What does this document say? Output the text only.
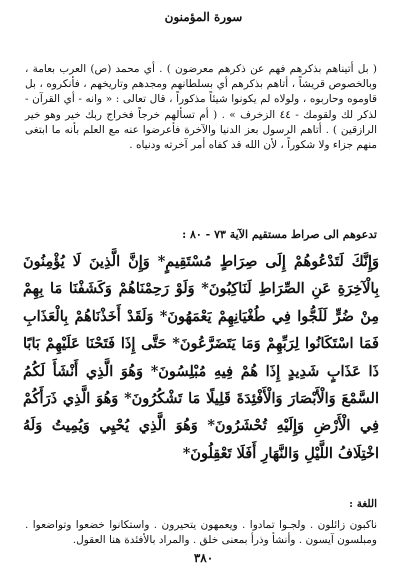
سورة المؤمنون
( بل أتيناهم بذكرهم فهم عن ذكرهم معرضون ) . أي محمد (ص) العرب بعامة ، وبالخصوص قريشاً ، أتاهم بذكرهم أي بسلطانهم ومجدهم وتاريخهم ، فأنكروه ، بل قاوموه وحاربوه ، ولولاه لم يكونوا شيئاً مذكوراً ، قال تعالى : « وانه - أي القرآن - لذكر لك ولقومك - ٤٤ الزخرف » . ( أم تسألهم خرجاً فخراج ربك خير وهو خير الرازقين ) . أتاهم الرسول بعز الدنيا والآخرة فأعرضوا عنه مع العلم بأنه ما ابتغى منهم جزاء ولا شكوراً ، لأن الله قد كفاه أمر آخرته ودنياه .
تدعوهم الى صراط مستقيم الآية ٧٣ - ٨٠ :
وَإِنَّكَ لَتَدْعُوهُمْ إِلَى صِرَاطٍ مُسْتَقِيمٍ* وَإِنَّ الَّذِينَ لَا يُؤْمِنُونَ بِالْآخِرَةِ عَنِ الصِّرَاطِ لَنَاكِبُونَ* وَلَوْ رَحِمْنَاهُمْ وَكَشَفْنَا مَا بِهِمْ مِنْ ضُرٍّ لَلَجُّوا فِي طُغْيَانِهِمْ يَعْمَهُونَ* وَلَقَدْ أَخَذْنَاهُمْ بِالْعَذَابِ فَمَا اسْتَكَانُوا لِرَبِّهِمْ وَمَا يَتَضَرَّعُونَ* حَتَّى إِذَا فَتَحْنَا عَلَيْهِمْ بَابًا ذَا عَذَابٍ شَدِيدٍ إِذَا هُمْ فِيهِ مُبْلِسُونَ* وَهُوَ الَّذِي أَنْشَأَ لَكُمُ السَّمْعَ وَالْأَبْصَارَ وَالْأَفْئِدَةَ قَلِيلًا مَا تَشْكُرُونَ* وَهُوَ الَّذِي ذَرَأَكُمْ فِي الْأَرْضِ وَإِلَيْهِ تُحْشَرُونَ* وَهُوَ الَّذِي يُحْيِي وَيُمِيتُ وَلَهُ اخْتِلَافُ اللَّيْلِ وَالنَّهَارِ أَفَلَا تَعْقِلُونَ*
اللغة :
ناكبون زائلون . ولجـوا تمادوا . ويعمهون يتحيرون . واستكانوا خضعوا وتواضعوا . ومبلسون آيسون . وأنشأ وذرأ بمعنى خلق . والمراد بالأفئدة هنا العقول.
٣٨٠
